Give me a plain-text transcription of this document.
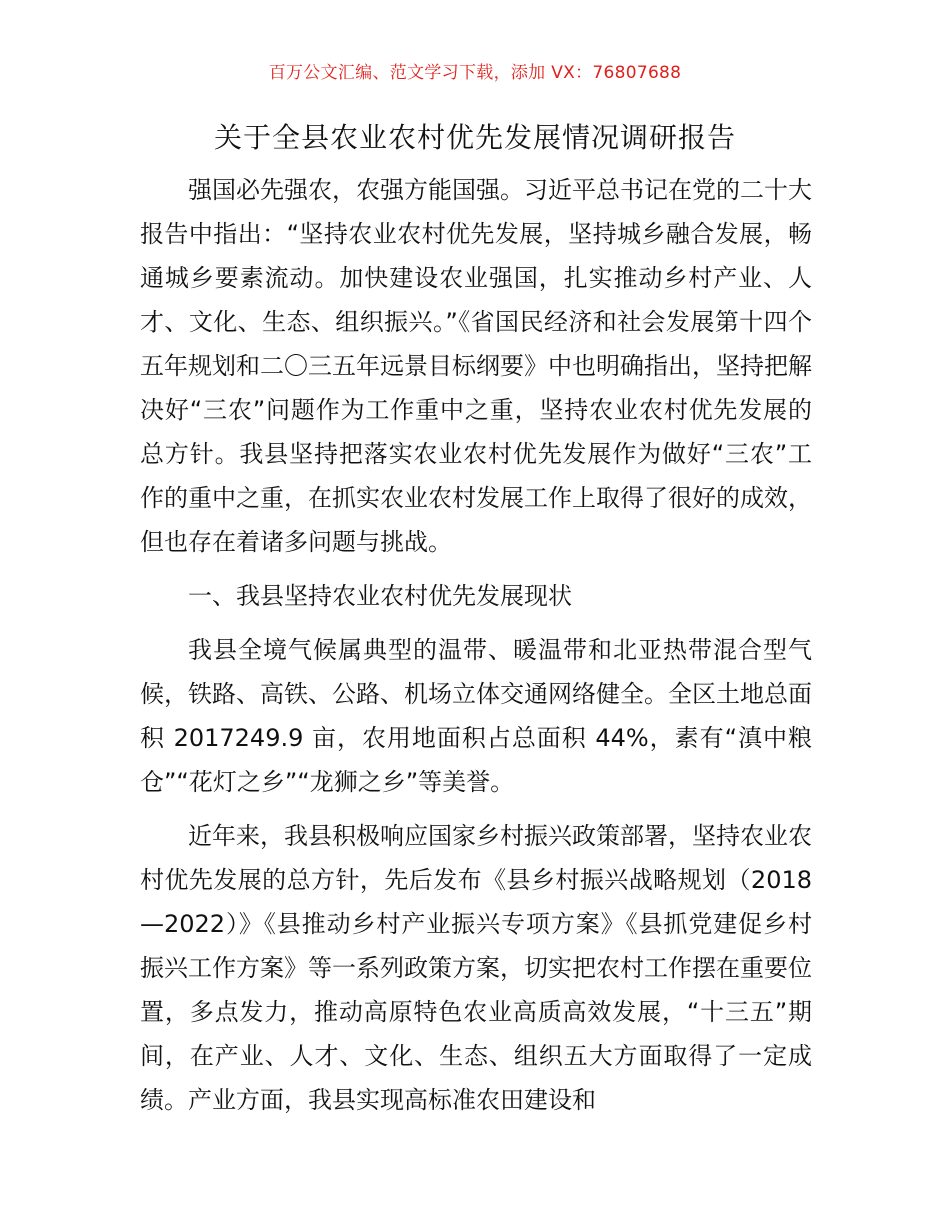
百万公文汇编、范文学习下载，添加 VX：76807688

关于全县农业农村优先发展情况调研报告

强国必先强农，农强方能国强。习近平总书记在党的二十大报告中指出：“坚持农业农村优先发展，坚持城乡融合发展，畅通城乡要素流动。加快建设农业强国，扎实推动乡村产业、人才、文化、生态、组织振兴。”《省国民经济和社会发展第十四个五年规划和二〇三五年远景目标纲要》中也明确指出，坚持把解决好“三农”问题作为工作重中之重，坚持农业农村优先发展的总方针。我县坚持把落实农业农村优先发展作为做好“三农”工作的重中之重，在抓实农业农村发展工作上取得了很好的成效，但也存在着诸多问题与挑战。

一、我县坚持农业农村优先发展现状

我县全境气候属典型的温带、暖温带和北亚热带混合型气候，铁路、高铁、公路、机场立体交通网络健全。全区土地总面积 2017249.9 亩，农用地面积占总面积 44%，素有“滇中粮仓”“花灯之乡”“龙狮之乡”等美誉。

近年来，我县积极响应国家乡村振兴政策部署，坚持农业农村优先发展的总方针，先后发布《县乡村振兴战略规划（2018—2022）》《县推动乡村产业振兴专项方案》《县抓党建促乡村振兴工作方案》等一系列政策方案，切实把农村工作摆在重要位置，多点发力，推动高原特色农业高质高效发展，“十三五”期间，在产业、人才、文化、生态、组织五大方面取得了一定成绩。产业方面，我县实现高标准农田建设和
